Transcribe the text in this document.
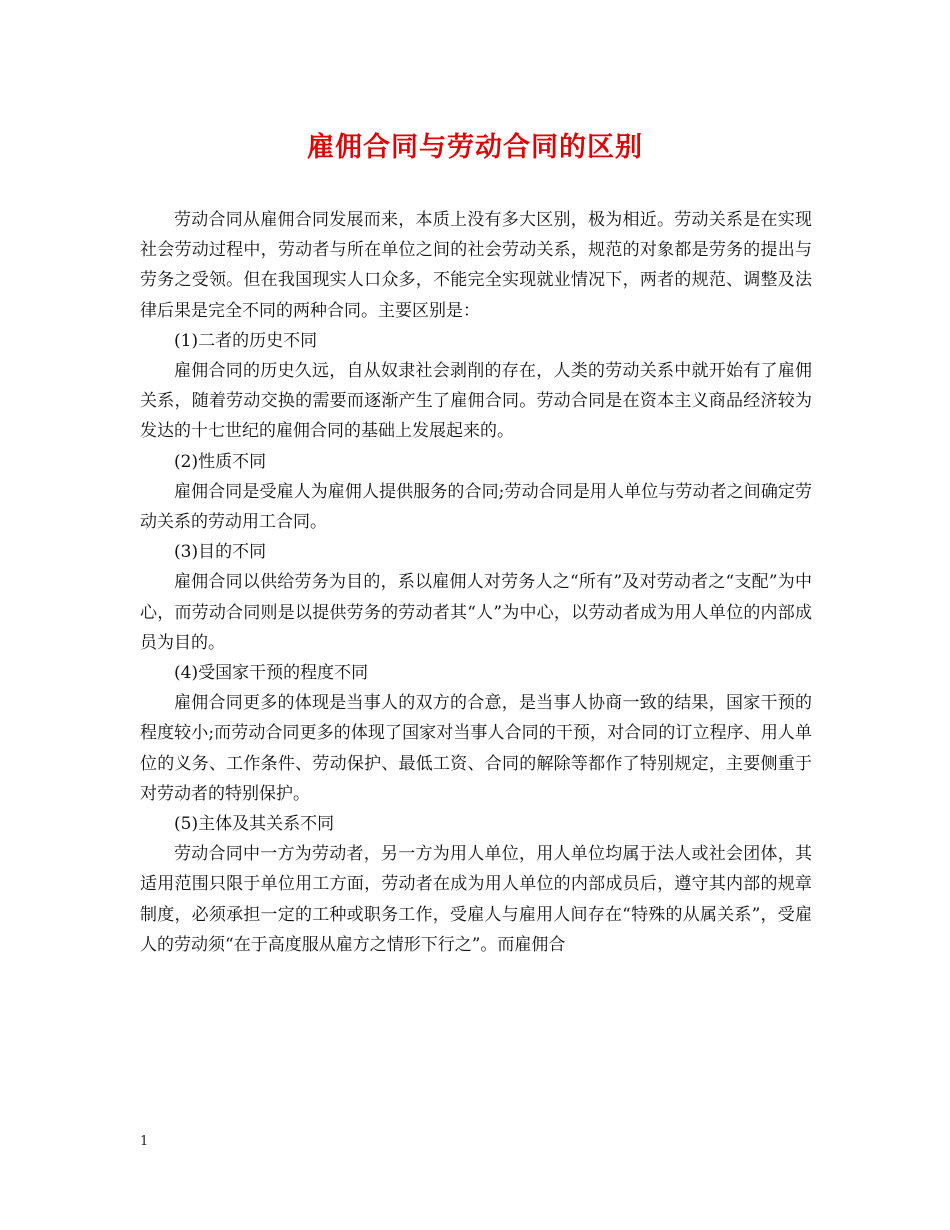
雇佣合同与劳动合同的区别

劳动合同从雇佣合同发展而来，本质上没有多大区别，极为相近。劳动关系是在实现社会劳动过程中，劳动者与所在单位之间的社会劳动关系，规范的对象都是劳务的提出与劳务之受领。但在我国现实人口众多，不能完全实现就业情况下，两者的规范、调整及法律后果是完全不同的两种合同。主要区别是：

(1)二者的历史不同

雇佣合同的历史久远，自从奴隶社会剥削的存在，人类的劳动关系中就开始有了雇佣关系，随着劳动交换的需要而逐渐产生了雇佣合同。劳动合同是在资本主义商品经济较为发达的十七世纪的雇佣合同的基础上发展起来的。

(2)性质不同

雇佣合同是受雇人为雇佣人提供服务的合同;劳动合同是用人单位与劳动者之间确定劳动关系的劳动用工合同。

(3)目的不同

雇佣合同以供给劳务为目的，系以雇佣人对劳务人之“所有”及对劳动者之“支配”为中心，而劳动合同则是以提供劳务的劳动者其“人”为中心，以劳动者成为用人单位的内部成员为目的。

(4)受国家干预的程度不同

雇佣合同更多的体现是当事人的双方的合意，是当事人协商一致的结果，国家干预的程度较小;而劳动合同更多的体现了国家对当事人合同的干预，对合同的订立程序、用人单位的义务、工作条件、劳动保护、最低工资、合同的解除等都作了特别规定，主要侧重于对劳动者的特别保护。

(5)主体及其关系不同

劳动合同中一方为劳动者，另一方为用人单位，用人单位均属于法人或社会团体，其适用范围只限于单位用工方面，劳动者在成为用人单位的内部成员后，遵守其内部的规章制度，必须承担一定的工种或职务工作，受雇人与雇用人间存在“特殊的从属关系”，受雇人的劳动须“在于高度服从雇方之情形下行之”。而雇佣合

1
